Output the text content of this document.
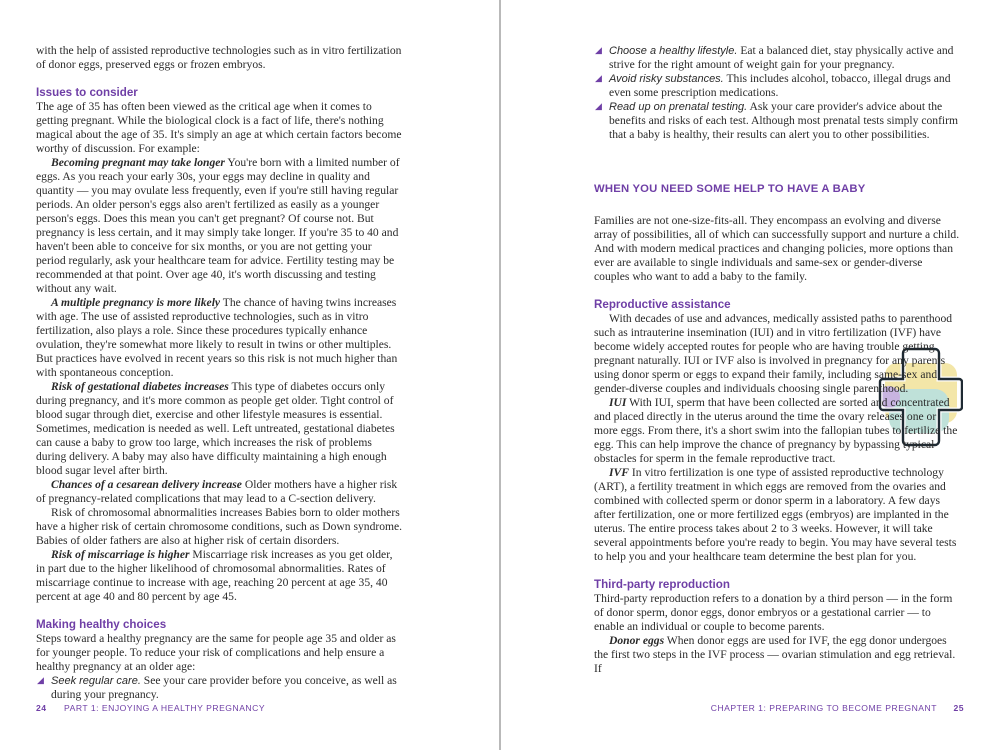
with the help of assisted reproductive technologies such as in vitro fertilization of donor eggs, preserved eggs or frozen embryos.

Issues to consider

The age of 35 has often been viewed as the critical age when it comes to getting pregnant. While the biological clock is a fact of life, there's nothing magical about the age of 35. It's simply an age at which certain factors become worthy of discussion. For example:

Becoming pregnant may take longer You're born with a limited number of eggs. As you reach your early 30s, your eggs may decline in quality and quantity — you may ovulate less frequently, even if you're still having regular periods. An older person's eggs also aren't fertilized as easily as a younger person's eggs. Does this mean you can't get pregnant? Of course not. But pregnancy is less certain, and it may simply take longer. If you're 35 to 40 and haven't been able to conceive for six months, or you are not getting your period regularly, ask your healthcare team for advice. Fertility testing may be recommended at that point. Over age 40, it's worth discussing and testing without any wait.

A multiple pregnancy is more likely The chance of having twins increases with age. The use of assisted reproductive technologies, such as in vitro fertilization, also plays a role. Since these procedures typically enhance ovulation, they're somewhat more likely to result in twins or other multiples. But practices have evolved in recent years so this risk is not much higher than with spontaneous conception.

Risk of gestational diabetes increases This type of diabetes occurs only during pregnancy, and it's more common as people get older. Tight control of blood sugar through diet, exercise and other lifestyle measures is essential. Sometimes, medication is needed as well. Left untreated, gestational diabetes can cause a baby to grow too large, which increases the risk of problems during delivery. A baby may also have difficulty maintaining a high enough blood sugar level after birth.

Chances of a cesarean delivery increase Older mothers have a higher risk of pregnancy-related complications that may lead to a C-section delivery.

Risk of chromosomal abnormalities increases Babies born to older mothers have a higher risk of certain chromosome conditions, such as Down syndrome. Babies of older fathers are also at higher risk of certain disorders.

Risk of miscarriage is higher Miscarriage risk increases as you get older, in part due to the higher likelihood of chromosomal abnormalities. Rates of miscarriage continue to increase with age, reaching 20 percent at age 35, 40 percent at age 40 and 80 percent by age 45.

Making healthy choices

Steps toward a healthy pregnancy are the same for people age 35 and older as for younger people. To reduce your risk of complications and help ensure a healthy pregnancy at an older age:

◢ Seek regular care. See your care provider before you conceive, as well as during your pregnancy.
24 PART 1: ENJOYING A HEALTHY PREGNANCY
◢ Choose a healthy lifestyle. Eat a balanced diet, stay physically active and strive for the right amount of weight gain for your pregnancy.
◢ Avoid risky substances. This includes alcohol, tobacco, illegal drugs and even some prescription medications.
◢ Read up on prenatal testing. Ask your care provider's advice about the benefits and risks of each test. Although most prenatal tests simply confirm that a baby is healthy, their results can alert you to other possibilities.
WHEN YOU NEED SOME HELP TO HAVE A BABY

Families are not one-size-fits-all. They encompass an evolving and diverse array of possibilities, all of which can successfully support and nurture a child. And with modern medical practices and changing policies, more options than ever are available to single individuals and same-sex or gender-diverse couples who want to add a baby to the family.

Reproductive assistance

With decades of use and advances, medically assisted paths to parenthood such as intrauterine insemination (IUI) and in vitro fertilization (IVF) have become widely accepted routes for people who are having trouble getting pregnant naturally. IUI or IVF also is involved in pregnancy for any parents using donor sperm or eggs to expand their family, including same-sex and gender-diverse couples and individuals choosing single parenthood.

IUI With IUI, sperm that have been collected are sorted and concentrated and placed directly in the uterus around the time the ovary releases one or more eggs. From there, it's a short swim into the fallopian tubes to fertilize the egg. This can help improve the chance of pregnancy by bypassing typical obstacles for sperm in the female reproductive tract.

IVF In vitro fertilization is one type of assisted reproductive technology (ART), a fertility treatment in which eggs are removed from the ovaries and combined with collected sperm or donor sperm in a laboratory. A few days after fertilization, one or more fertilized eggs (embryos) are implanted in the uterus. The entire process takes about 2 to 3 weeks. However, it will take several appointments before you're ready to begin. You may have several tests to help you and your healthcare team determine the best plan for you.

Third-party reproduction

Third-party reproduction refers to a donation by a third person — in the form of donor sperm, donor eggs, donor embryos or a gestational carrier — to enable an individual or couple to become parents.

Donor eggs When donor eggs are used for IVF, the egg donor undergoes the first two steps in the IVF process — ovarian stimulation and egg retrieval. If

CHAPTER 1: PREPARING TO BECOME PREGNANT 25
